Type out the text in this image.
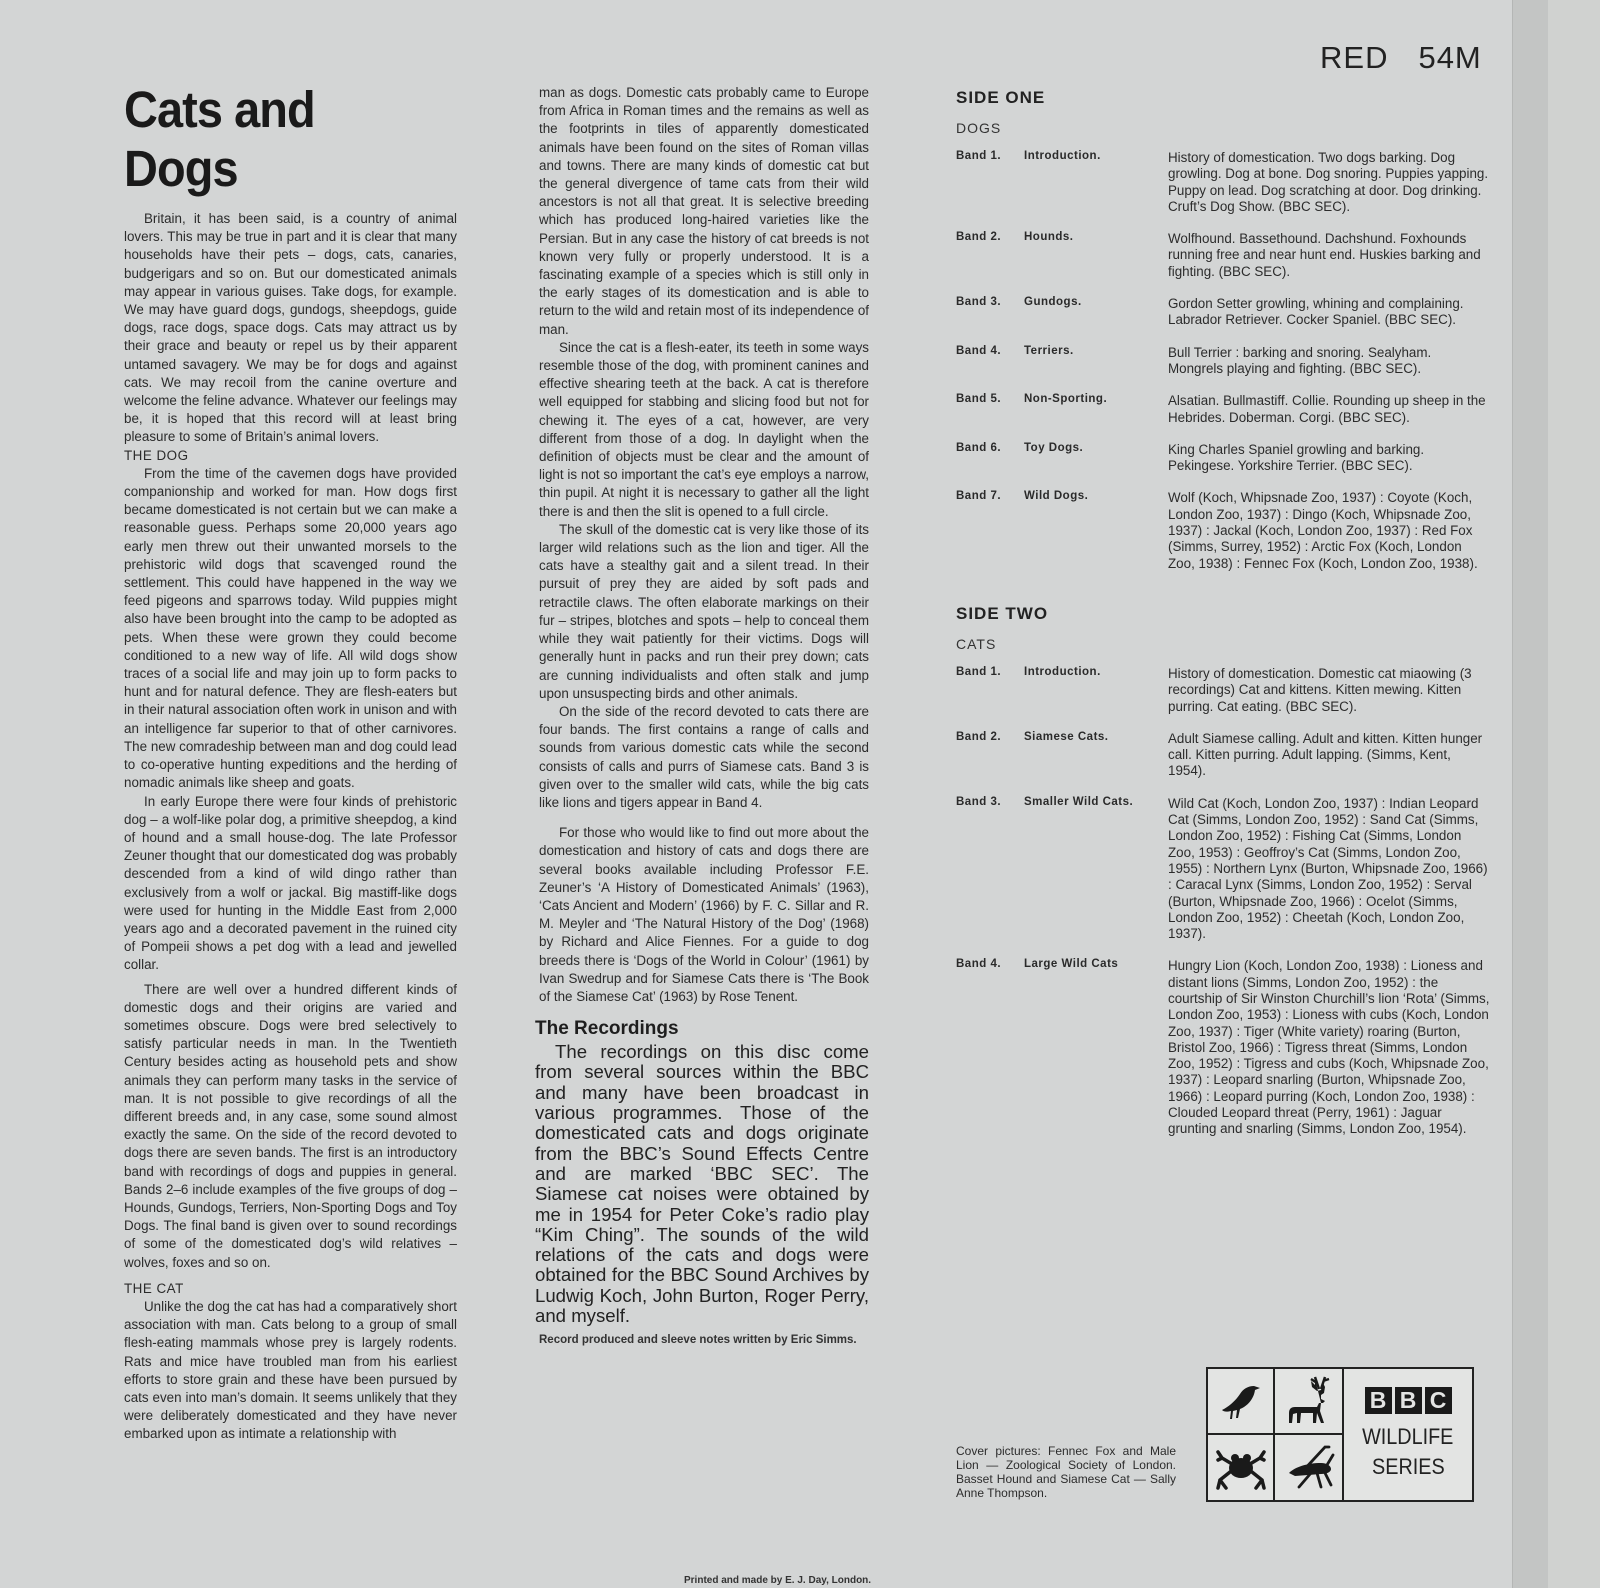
RED 54M
Cats and Dogs

Britain, it has been said, is a country of animal lovers. This may be true in part and it is clear that many households have their pets – dogs, cats, canaries, budgerigars and so on. But our domesticated animals may appear in various guises. Take dogs, for example. We may have guard dogs, gundogs, sheepdogs, guide dogs, race dogs, space dogs. Cats may attract us by their grace and beauty or repel us by their apparent untamed savagery. We may be for dogs and against cats. We may recoil from the canine overture and welcome the feline advance. Whatever our feelings may be, it is hoped that this record will at least bring pleasure to some of Britain’s animal lovers.

THE DOG

From the time of the cavemen dogs have provided companionship and worked for man. How dogs first became domesticated is not certain but we can make a reasonable guess. Perhaps some 20,000 years ago early men threw out their unwanted morsels to the prehistoric wild dogs that scavenged round the settlement. This could have happened in the way we feed pigeons and sparrows today. Wild puppies might also have been brought into the camp to be adopted as pets. When these were grown they could become conditioned to a new way of life. All wild dogs show traces of a social life and may join up to form packs to hunt and for natural defence. They are flesh-eaters but in their natural association often work in unison and with an intelligence far superior to that of other carnivores. The new comradeship between man and dog could lead to co-operative hunting expeditions and the herding of nomadic animals like sheep and goats.

In early Europe there were four kinds of prehistoric dog – a wolf-like polar dog, a primitive sheepdog, a kind of hound and a small house-dog. The late Professor Zeuner thought that our domesticated dog was probably descended from a kind of wild dingo rather than exclusively from a wolf or jackal. Big mastiff-like dogs were used for hunting in the Middle East from 2,000 years ago and a decorated pavement in the ruined city of Pompeii shows a pet dog with a lead and jewelled collar.

There are well over a hundred different kinds of domestic dogs and their origins are varied and sometimes obscure. Dogs were bred selectively to satisfy particular needs in man. In the Twentieth Century besides acting as household pets and show animals they can perform many tasks in the service of man. It is not possible to give recordings of all the different breeds and, in any case, some sound almost exactly the same. On the side of the record devoted to dogs there are seven bands. The first is an introductory band with recordings of dogs and puppies in general. Bands 2–6 include examples of the five groups of dog – Hounds, Gundogs, Terriers, Non-Sporting Dogs and Toy Dogs. The final band is given over to sound recordings of some of the domesticated dog’s wild relatives – wolves, foxes and so on.

THE CAT

Unlike the dog the cat has had a comparatively short association with man. Cats belong to a group of small flesh-eating mammals whose prey is largely rodents. Rats and mice have troubled man from his earliest efforts to store grain and these have been pursued by cats even into man’s domain. It seems unlikely that they were deliberately domesticated and they have never embarked upon as intimate a relationship with

man as dogs. Domestic cats probably came to Europe from Africa in Roman times and the remains as well as the footprints in tiles of apparently domesticated animals have been found on the sites of Roman villas and towns. There are many kinds of domestic cat but the general divergence of tame cats from their wild ancestors is not all that great. It is selective breeding which has produced long-haired varieties like the Persian. But in any case the history of cat breeds is not known very fully or properly understood. It is a fascinating example of a species which is still only in the early stages of its domestication and is able to return to the wild and retain most of its independence of man.

Since the cat is a flesh-eater, its teeth in some ways resemble those of the dog, with prominent canines and effective shearing teeth at the back. A cat is therefore well equipped for stabbing and slicing food but not for chewing it. The eyes of a cat, however, are very different from those of a dog. In daylight when the definition of objects must be clear and the amount of light is not so important the cat’s eye employs a narrow, thin pupil. At night it is necessary to gather all the light there is and then the slit is opened to a full circle.

The skull of the domestic cat is very like those of its larger wild relations such as the lion and tiger. All the cats have a stealthy gait and a silent tread. In their pursuit of prey they are aided by soft pads and retractile claws. The often elaborate markings on their fur – stripes, blotches and spots – help to conceal them while they wait patiently for their victims. Dogs will generally hunt in packs and run their prey down; cats are cunning individualists and often stalk and jump upon unsuspecting birds and other animals.

On the side of the record devoted to cats there are four bands. The first contains a range of calls and sounds from various domestic cats while the second consists of calls and purrs of Siamese cats. Band 3 is given over to the smaller wild cats, while the big cats like lions and tigers appear in Band 4.

For those who would like to find out more about the domestication and history of cats and dogs there are several books available including Professor F.E. Zeuner’s ‘A History of Domesticated Animals’ (1963), ‘Cats Ancient and Modern’ (1966) by F. C. Sillar and R. M. Meyler and ‘The Natural History of the Dog’ (1968) by Richard and Alice Fiennes. For a guide to dog breeds there is ‘Dogs of the World in Colour’ (1961) by Ivan Swedrup and for Siamese Cats there is ‘The Book of the Siamese Cat’ (1963) by Rose Tenent.

The Recordings

The recordings on this disc come from several sources within the BBC and many have been broadcast in various programmes. Those of the domesticated cats and dogs originate from the BBC’s Sound Effects Centre and are marked ‘BBC SEC’. The Siamese cat noises were obtained by me in 1954 for Peter Coke’s radio play “Kim Ching”. The sounds of the wild relations of the cats and dogs were obtained for the BBC Sound Archives by Ludwig Koch, John Burton, Roger Perry, and myself.

Record produced and sleeve notes written by Eric Simms.
SIDE ONE
DOGS
Band 1. Introduction.	History of domestication. Two dogs barking. Dog growling. Dog at bone. Dog snoring. Puppies yapping. Puppy on lead. Dog scratching at door. Dog drinking. Cruft’s Dog Show. (BBC SEC).
Band 2. Hounds.	Wolfhound. Bassethound. Dachshund. Foxhounds running free and near hunt end. Huskies barking and fighting. (BBC SEC).
Band 3. Gundogs.	Gordon Setter growling, whining and complaining. Labrador Retriever. Cocker Spaniel. (BBC SEC).
Band 4. Terriers.	Bull Terrier : barking and snoring. Sealyham. Mongrels playing and fighting. (BBC SEC).
Band 5. Non-Sporting.	Alsatian. Bullmastiff. Collie. Rounding up sheep in the Hebrides. Doberman. Corgi. (BBC SEC).
Band 6. Toy Dogs.	King Charles Spaniel growling and barking. Pekingese. Yorkshire Terrier. (BBC SEC).
Band 7. Wild Dogs.	Wolf (Koch, Whipsnade Zoo, 1937) : Coyote (Koch, London Zoo, 1937) : Dingo (Koch, Whipsnade Zoo, 1937) : Jackal (Koch, London Zoo, 1937) : Red Fox (Simms, Surrey, 1952) : Arctic Fox (Koch, London Zoo, 1938) : Fennec Fox (Koch, London Zoo, 1938).
SIDE TWO
CATS
Band 1. Introduction.	History of domestication. Domestic cat miaowing (3 recordings) Cat and kittens. Kitten mewing. Kitten purring. Cat eating. (BBC SEC).
Band 2. Siamese Cats.	Adult Siamese calling. Adult and kitten. Kitten hunger call. Kitten purring. Adult lapping. (Simms, Kent, 1954).
Band 3. Smaller Wild Cats.	Wild Cat (Koch, London Zoo, 1937) : Indian Leopard Cat (Simms, London Zoo, 1952) : Sand Cat (Simms, London Zoo, 1952) : Fishing Cat (Simms, London Zoo, 1953) : Geoffroy’s Cat (Simms, London Zoo, 1955) : Northern Lynx (Burton, Whipsnade Zoo, 1966) : Caracal Lynx (Simms, London Zoo, 1952) : Serval (Burton, Whipsnade Zoo, 1966) : Ocelot (Simms, London Zoo, 1952) : Cheetah (Koch, London Zoo, 1937).
Band 4. Large Wild Cats	Hungry Lion (Koch, London Zoo, 1938) : Lioness and distant lions (Simms, London Zoo, 1952) : the courtship of Sir Winston Churchill’s lion ‘Rota’ (Simms, London Zoo, 1953) : Lioness with cubs (Koch, London Zoo, 1937) : Tiger (White variety) roaring (Burton, Bristol Zoo, 1966) : Tigress threat (Simms, London Zoo, 1952) : Tigress and cubs (Koch, Whipsnade Zoo, 1937) : Leopard snarling (Burton, Whipsnade Zoo, 1966) : Leopard purring (Koch, London Zoo, 1938) : Clouded Leopard threat (Perry, 1961) : Jaguar grunting and snarling (Simms, London Zoo, 1954).
Cover pictures: Fennec Fox and Male Lion — Zoological Society of London. Basset Hound and Siamese Cat — Sally Anne Thompson.
B B C
WILDLIFE
SERIES
Printed and made by E. J. Day, London.
